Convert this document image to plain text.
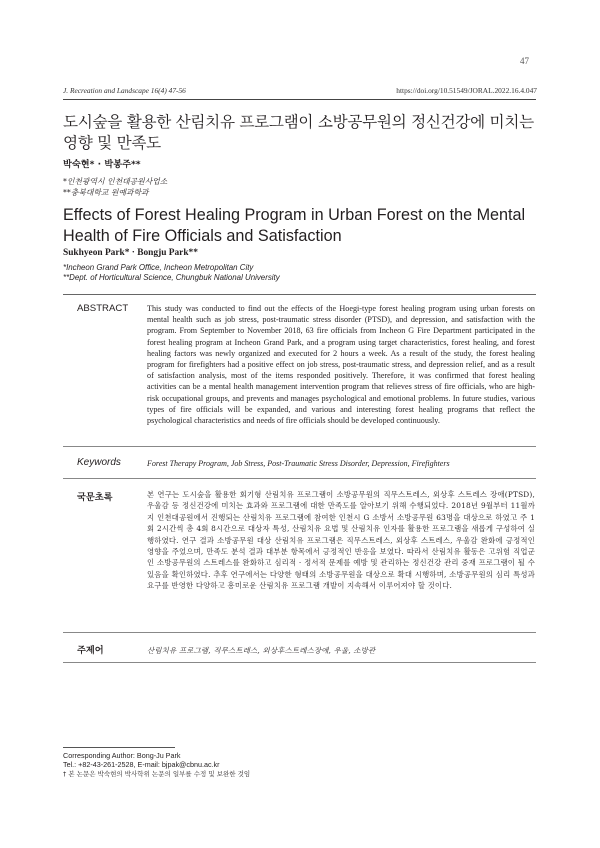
47
J. Recreation and Landscape 16(4) 47-56	https://doi.org/10.51549/JORAL.2022.16.4.047
도시숲을 활용한 산림치유 프로그램이 소방공무원의 정신건강에 미치는 영향 및 만족도
박숙현* · 박봉주**
*인천광역시 인천대공원사업소
**충북대학교 원예과학과
Effects of Forest Healing Program in Urban Forest on the Mental Health of Fire Officials and Satisfaction
Sukhyeon Park* · Bongju Park**
*Incheon Grand Park Office, Incheon Metropolitan City
**Dept. of Horticultural Science, Chungbuk National University
ABSTRACT This study was conducted to find out the effects of the Hoegi-type forest healing program using urban forests on mental health such as job stress, post-traumatic stress disorder (PTSD), and depression, and satisfaction with the program. From September to November 2018, 63 fire officials from Incheon G Fire Department participated in the forest healing program at Incheon Grand Park, and a program using target characteristics, forest healing, and forest healing factors was newly organized and executed for 2 hours a week. As a result of the study, the forest healing program for firefighters had a positive effect on job stress, post-traumatic stress, and depression relief, and as a result of satisfaction analysis, most of the items responded positively. Therefore, it was confirmed that forest healing activities can be a mental health management intervention program that relieves stress of fire officials, who are high-risk occupational groups, and prevents and manages psychological and emotional problems. In future studies, various types of fire officials will be expanded, and various and interesting forest healing programs that reflect the psychological characteristics and needs of fire officials should be developed continuously.
Keywords	Forest Therapy Program, Job Stress, Post-Traumatic Stress Disorder, Depression, Firefighters
국문초록	본 연구는 도시숲을 활용한 회기형 산림치유 프로그램이 소방공무원의 직무스트레스, 외상후 스트레스 장애(PTSD), 우울감 등 정신건강에 미치는 효과와 프로그램에 대한 만족도를 알아보기 위해 수행되었다. 2018년 9월부터 11월까지 인천대공원에서 진행되는 산림치유 프로그램에 참여한 인천시 G 소방서 소방공무원 63명을 대상으로 하였고 주 1회 2시간씩 총 4회 8시간으로 대상자 특성, 산림치유 요법 및 산림치유 인자를 활용한 프로그램을 새롭게 구성하여 실행하였다. 연구 결과 소방공무원 대상 산림치유 프로그램은 직무스트레스, 외상후 스트레스, 우울감 완화에 긍정적인 영향을 주었으며, 만족도 분석 결과 대부분 항목에서 긍정적인 반응을 보였다. 따라서 산림치유 활동은 고위험 직업군인 소방공무원의 스트레스를 완화하고 심리적 · 정서적 문제를 예방 및 관리하는 정신건강 관리 중재 프로그램이 될 수 있음을 확인하였다. 추후 연구에서는 다양한 형태의 소방공무원을 대상으로 확대 시행하며, 소방공무원의 심리 특성과 요구를 반영한 다양하고 흥미로운 산림치유 프로그램 개발이 지속해서 이루어져야 할 것이다.
주제어	산림치유 프로그램, 직무스트레스, 외상후스트레스장애, 우울, 소방관
Corresponding Author: Bong-Ju Park
Tel.: +82-43-261-2528, E-mail: bjpak@cbnu.ac.kr
† 본 논문은 박숙현의 박사학위 논문의 일부를 수정 및 보완한 것임
